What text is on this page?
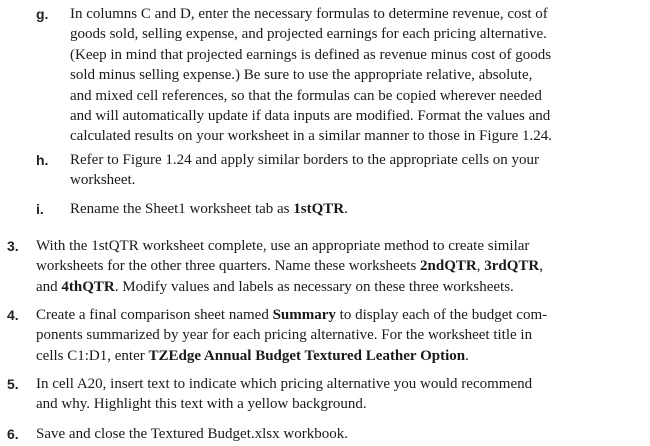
g. In columns C and D, enter the necessary formulas to determine revenue, cost of
goods sold, selling expense, and projected earnings for each pricing alternative.
(Keep in mind that projected earnings is defined as revenue minus cost of goods
sold minus selling expense.) Be sure to use the appropriate relative, absolute,
and mixed cell references, so that the formulas can be copied wherever needed
and will automatically update if data inputs are modified. Format the values and
calculated results on your worksheet in a similar manner to those in Figure 1.24.
h. Refer to Figure 1.24 and apply similar borders to the appropriate cells on your
worksheet.
i. Rename the Sheet1 worksheet tab as 1stQTR.
3. With the 1stQTR worksheet complete, use an appropriate method to create similar
worksheets for the other three quarters. Name these worksheets 2ndQTR, 3rdQTR,
and 4thQTR. Modify values and labels as necessary on these three worksheets.
4. Create a final comparison sheet named Summary to display each of the budget com-
ponents summarized by year for each pricing alternative. For the worksheet title in
cells C1:D1, enter TZEdge Annual Budget Textured Leather Option.
5. In cell A20, insert text to indicate which pricing alternative you would recommend
and why. Highlight this text with a yellow background.
6. Save and close the Textured Budget.xlsx workbook.
